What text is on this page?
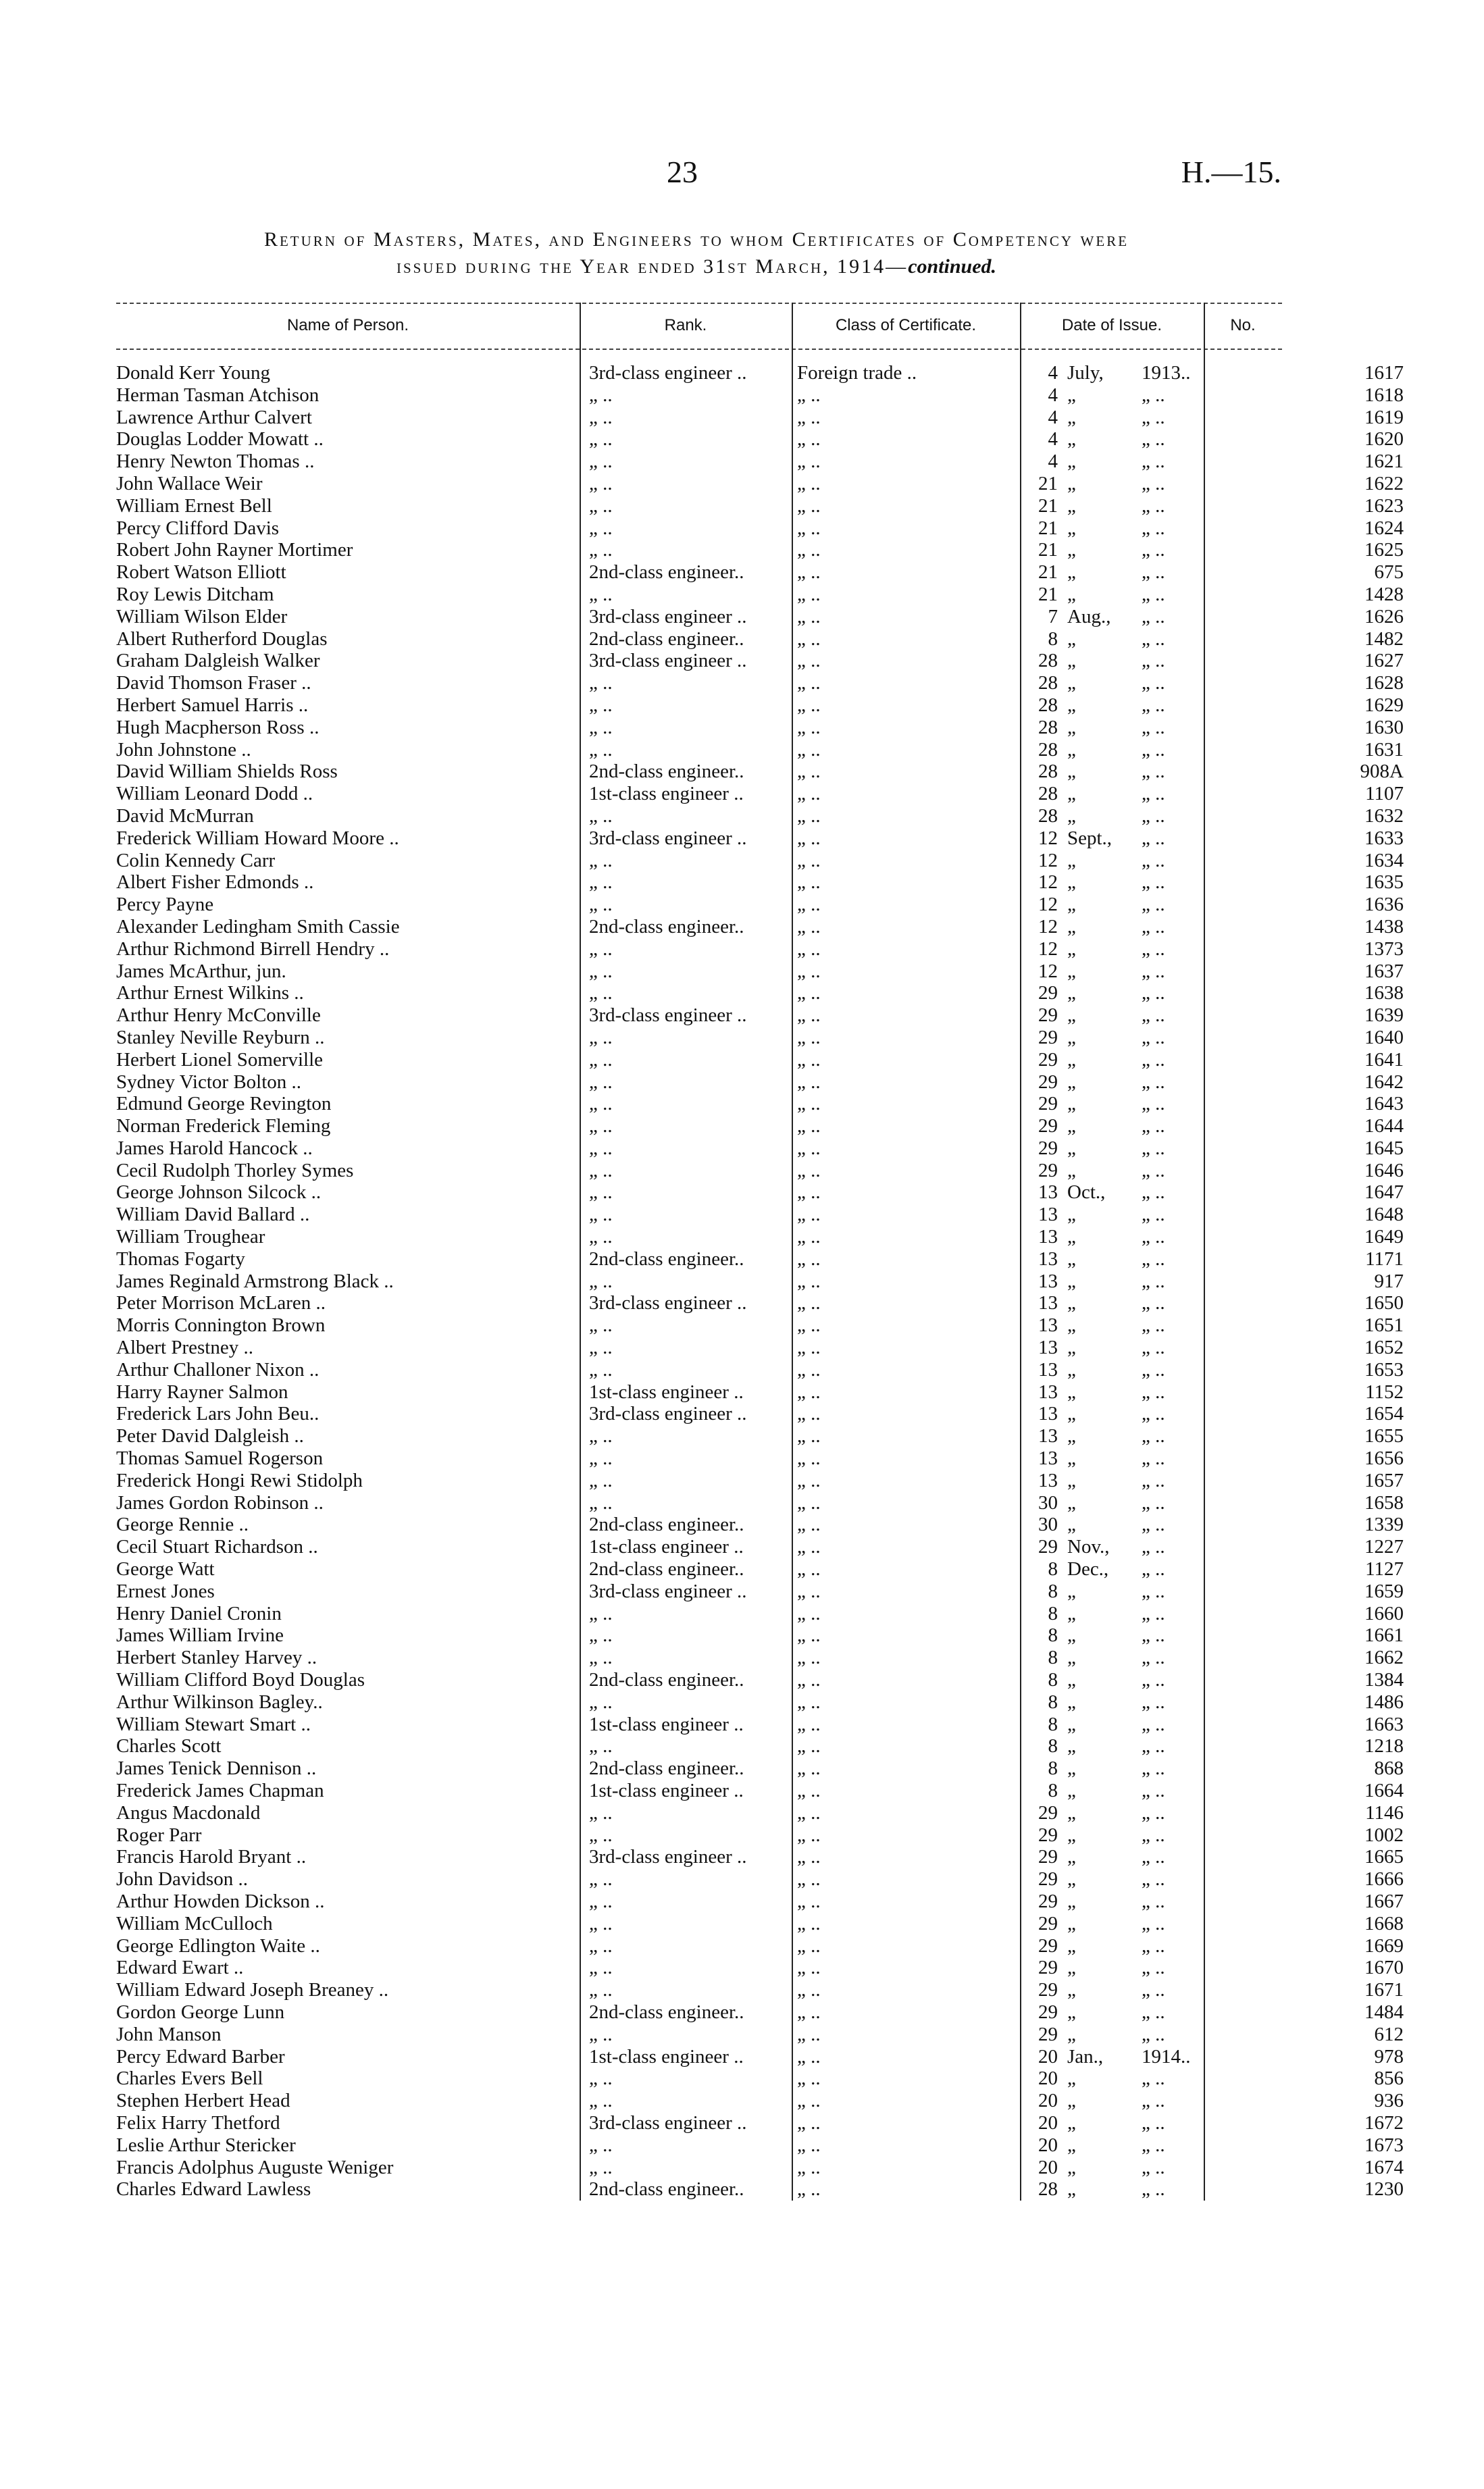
23	H.—15.
Return of Masters, Mates, and Engineers to whom Certificates of Competency were
issued during the Year ended 31st March, 1914—continued.
Name of Person.	Rank.	Class of Certificate.	Date of Issue.	No.
Donald Kerr Young	3rd-class engineer ..	Foreign trade ..	4 July, 1913..	1617
Herman Tasman Atchison	„ ..	„ ..	4 „	„ ..	1618
Lawrence Arthur Calvert	„ ..	„ ..	4 „	„ ..	1619
Douglas Lodder Mowatt ..	„ ..	„ ..	4 „	„ ..	1620
Henry Newton Thomas ..	„ ..	„ ..	4 „	„ ..	1621
John Wallace Weir	„ ..	„ ..	21 „	„ ..	1622
William Ernest Bell	„ ..	„ ..	21 „	„ ..	1623
Percy Clifford Davis	„ ..	„ ..	21 „	„ ..	1624
Robert John Rayner Mortimer	„ ..	„ ..	21 „	„ ..	1625
Robert Watson Elliott	2nd-class engineer..	„ ..	21 „	„ ..	675
Roy Lewis Ditcham	„ ..	„ ..	21 „	„ ..	1428
William Wilson Elder	3rd-class engineer ..	„ ..	7 Aug., „ ..	1626
Albert Rutherford Douglas	2nd-class engineer..	„ ..	8 „	„ ..	1482
Graham Dalgleish Walker	3rd-class engineer ..	„ ..	28 „	„ ..	1627
David Thomson Fraser ..	„ ..	„ ..	28 „	„ ..	1628
Herbert Samuel Harris ..	„ ..	„ ..	28 „	„ ..	1629
Hugh Macpherson Ross ..	„ ..	„ ..	28 „	„ ..	1630
John Johnstone ..	„ ..	„ ..	28 „	„ ..	1631
David William Shields Ross	2nd-class engineer..	„ ..	28 „	„ ..	908A
William Leonard Dodd ..	1st-class engineer ..	„ ..	28 „	„ ..	1107
David McMurran	„ ..	„ ..	28 „	„ ..	1632
Frederick William Howard Moore ..	3rd-class engineer ..	„ ..	12 Sept., „ ..	1633
Colin Kennedy Carr	„ ..	„ ..	12 „	„ ..	1634
Albert Fisher Edmonds ..	„ ..	„ ..	12 „	„ ..	1635
Percy Payne	„ ..	„ ..	12 „	„ ..	1636
Alexander Ledingham Smith Cassie	2nd-class engineer..	„ ..	12 „	„ ..	1438
Arthur Richmond Birrell Hendry ..	„ ..	„ ..	12 „	„ ..	1373
James McArthur, jun.	„ ..	„ ..	12 „	„ ..	1637
Arthur Ernest Wilkins ..	„ ..	„ ..	29 „	„ ..	1638
Arthur Henry McConville	3rd-class engineer ..	„ ..	29 „	„ ..	1639
Stanley Neville Reyburn ..	„ ..	„ ..	29 „	„ ..	1640
Herbert Lionel Somerville	„ ..	„ ..	29 „	„ ..	1641
Sydney Victor Bolton ..	„ ..	„ ..	29 „	„ ..	1642
Edmund George Revington	„ ..	„ ..	29 „	„ ..	1643
Norman Frederick Fleming	„ ..	„ ..	29 „	„ ..	1644
James Harold Hancock ..	„ ..	„ ..	29 „	„ ..	1645
Cecil Rudolph Thorley Symes	„ ..	„ ..	29 „	„ ..	1646
George Johnson Silcock ..	„ ..	„ ..	13 Oct., „ ..	1647
William David Ballard ..	„ ..	„ ..	13 „	„ ..	1648
William Troughear	„ ..	„ ..	13 „	„ ..	1649
Thomas Fogarty	2nd-class engineer..	„ ..	13 „	„ ..	1171
James Reginald Armstrong Black ..	„ ..	„ ..	13 „	„ ..	917
Peter Morrison McLaren ..	3rd-class engineer ..	„ ..	13 „	„ ..	1650
Morris Connington Brown	„ ..	„ ..	13 „	„ ..	1651
Albert Prestney ..	„ ..	„ ..	13 „	„ ..	1652
Arthur Challoner Nixon ..	„ ..	„ ..	13 „	„ ..	1653
Harry Rayner Salmon	1st-class engineer ..	„ ..	13 „	„ ..	1152
Frederick Lars John Beu..	3rd-class engineer ..	„ ..	13 „	„ ..	1654
Peter David Dalgleish ..	„ ..	„ ..	13 „	„ ..	1655
Thomas Samuel Rogerson	„ ..	„ ..	13 „	„ ..	1656
Frederick Hongi Rewi Stidolph	„ ..	„ ..	13 „	„ ..	1657
James Gordon Robinson ..	„ ..	„ ..	30 „	„ ..	1658
George Rennie ..	2nd-class engineer..	„ ..	30 „	„ ..	1339
Cecil Stuart Richardson ..	1st-class engineer ..	„ ..	29 Nov., „ ..	1227
George Watt	2nd-class engineer..	„ ..	8 Dec., „ ..	1127
Ernest Jones	3rd-class engineer ..	„ ..	8 „	„ ..	1659
Henry Daniel Cronin	„ ..	„ ..	8 „	„ ..	1660
James William Irvine	„ ..	„ ..	8 „	„ ..	1661
Herbert Stanley Harvey ..	„ ..	„ ..	8 „	„ ..	1662
William Clifford Boyd Douglas	2nd-class engineer..	„ ..	8 „	„ ..	1384
Arthur Wilkinson Bagley..	„ ..	„ ..	8 „	„ ..	1486
William Stewart Smart ..	1st-class engineer ..	„ ..	8 „	„ ..	1663
Charles Scott	„ ..	„ ..	8 „	„ ..	1218
James Tenick Dennison ..	2nd-class engineer..	„ ..	8 „	„ ..	868
Frederick James Chapman	1st-class engineer ..	„ ..	8 „	„ ..	1664
Angus Macdonald	„ ..	„ ..	29 „	„ ..	1146
Roger Parr	„ ..	„ ..	29 „	„ ..	1002
Francis Harold Bryant ..	3rd-class engineer ..	„ ..	29 „	„ ..	1665
John Davidson ..	„ ..	„ ..	29 „	„ ..	1666
Arthur Howden Dickson ..	„ ..	„ ..	29 „	„ ..	1667
William McCulloch	„ ..	„ ..	29 „	„ ..	1668
George Edlington Waite ..	„ ..	„ ..	29 „	„ ..	1669
Edward Ewart ..	„ ..	„ ..	29 „	„ ..	1670
William Edward Joseph Breaney ..	„ ..	„ ..	29 „	„ ..	1671
Gordon George Lunn	2nd-class engineer..	„ ..	29 „	„ ..	1484
John Manson	„ ..	„ ..	29 „	„ ..	612
Percy Edward Barber	1st-class engineer ..	„ ..	20 Jan., 1914..	978
Charles Evers Bell	„ ..	„ ..	20 „	„ ..	856
Stephen Herbert Head	„ ..	„ ..	20 „	„ ..	936
Felix Harry Thetford	3rd-class engineer ..	„ ..	20 „	„ ..	1672
Leslie Arthur Stericker	„ ..	„ ..	20 „	„ ..	1673
Francis Adolphus Auguste Weniger	„ ..	„ ..	20 „	„ ..	1674
Charles Edward Lawless	2nd-class engineer..	„ ..	28 „	„ ..	1230
